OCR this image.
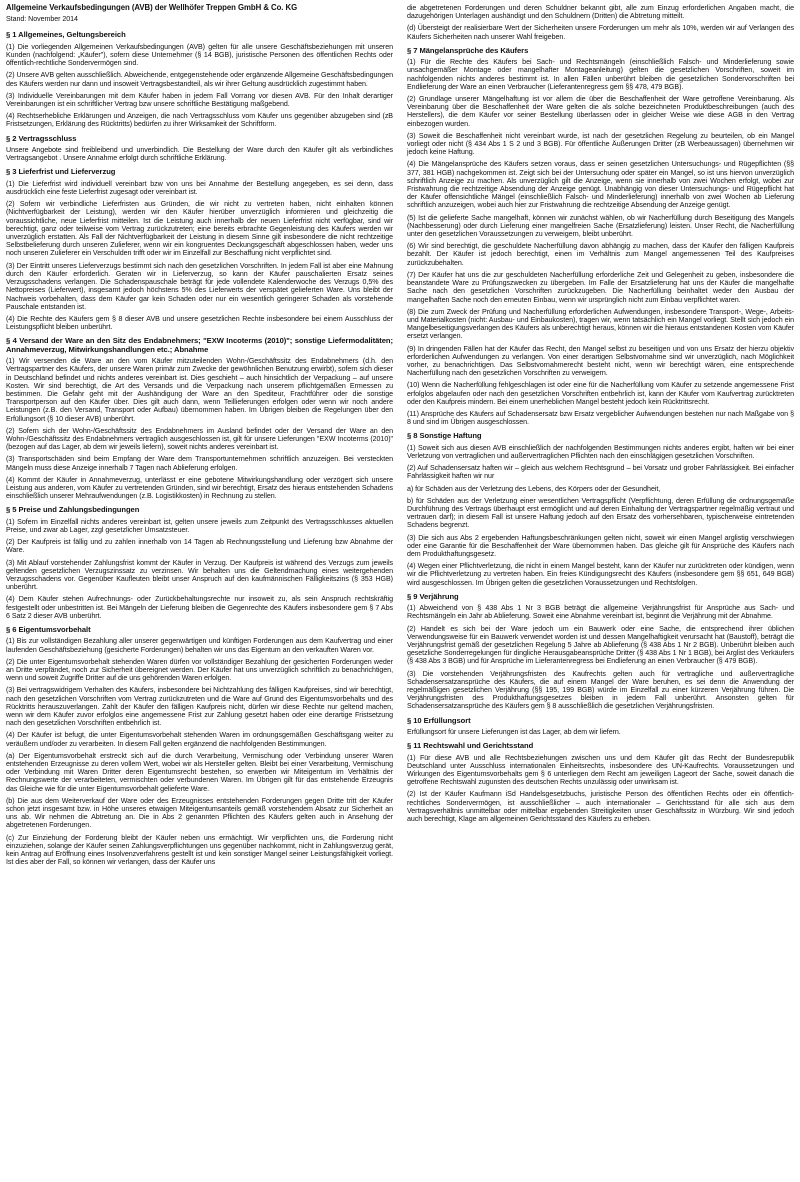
Allgemeine Verkaufsbedingungen (AVB) der Wellhöfer Treppen GmbH & Co. KG
Stand: November 2014
§ 1 Allgemeines, Geltungsbereich

(1) Die vorliegenden Allgemeinen Verkaufsbedingungen (AVB) gelten für alle unsere Geschäftsbeziehungen mit unseren Kunden (nachfolgend: „Käufer"), sofern diese Unternehmer (§ 14 BGB), juristische Personen des öffentlichen Rechts oder öffentlich-rechtliche Sondervermögen sind.

(2) Unsere AVB gelten ausschließlich. Abweichende, entgegenstehende oder ergänzende Allgemeine Geschäftsbedingungen des Käufers werden nur dann und insoweit Vertragsbestandteil, als wir ihrer Geltung ausdrücklich zugestimmt haben.

(3) Individuelle Vereinbarungen mit dem Käufer haben in jedem Fall Vorrang vor diesen AVB. Für den Inhalt derartiger Vereinbarungen ist ein schriftlicher Vertrag bzw unsere schriftliche Bestätigung maßgebend.

(4) Rechtserhebliche Erklärungen und Anzeigen, die nach Vertragsschluss vom Käufer uns gegenüber abzugeben sind (zB Fristsetzungen, Erklärung des Rücktritts) bedürfen zu ihrer Wirksamkeit der Schriftform.

§ 2 Vertragsschluss

Unsere Angebote sind freibleibend und unverbindlich. Die Bestellung der Ware durch den Käufer gilt als verbindliches Vertragsangebot . Unsere Annahme erfolgt durch schriftliche Erklärung.

§ 3 Lieferfrist und Lieferverzug

(1) Die Lieferfrist wird individuell vereinbart bzw von uns bei Annahme der Bestellung angegeben, es sei denn, dass ausdrücklich eine feste Lieferfrist zugesagt oder vereinbart ist.

(2) Sofern wir verbindliche Lieferfristen aus Gründen, die wir nicht zu vertreten haben, nicht einhalten können (Nichtverfügbarkeit der Leistung), werden wir den Käufer hierüber unverzüglich informieren und gleichzeitig die voraussichtliche, neue Lieferfrist mitteilen. Ist die Leistung auch innerhalb der neuen Lieferfrist nicht verfügbar, sind wir berechtigt, ganz oder teilweise vom Vertrag zurückzutreten; eine bereits erbrachte Gegenleistung des Käufers werden wir unverzüglich erstatten. Als Fall der Nichtverfügbarkeit der Leistung in diesem Sinne gilt insbesondere die nicht rechtzeitige Selbstbelieferung durch unseren Zulieferer, wenn wir ein kongruentes Deckungsgeschäft abgeschlossen haben, weder uns noch unseren Zulieferer ein Verschulden trifft oder wir im Einzelfall zur Beschaffung nicht verpflichtet sind.

(3) Der Eintritt unseres Lieferverzugs bestimmt sich nach den gesetzlichen Vorschriften. In jedem Fall ist aber eine Mahnung durch den Käufer erforderlich. Geraten wir in Lieferverzug, so kann der Käufer pauschalierten Ersatz seines Verzugsschadens verlangen. Die Schadenspauschale beträgt für jede vollendete Kalenderwoche des Verzugs 0,5% des Nettopreises (Lieferwert), insgesamt jedoch höchstens 5% des Lieferwerts der verspätet gelieferten Ware. Uns bleibt der Nachweis vorbehalten, dass dem Käufer gar kein Schaden oder nur ein wesentlich geringerer Schaden als vorstehende Pauschale entstanden ist.

(4) Die Rechte des Käufers gem § 8 dieser AVB und unsere gesetzlichen Rechte insbesondere bei einem Ausschluss der Leistungspflicht bleiben unberührt.

§ 4 Versand der Ware an den Sitz des Endabnehmers; "EXW Incoterms (2010)"; sonstige Liefermodalitäten; Annahmeverzug, Mitwirkungshandlungen etc.; Abnahme

(1) Wir versenden die Ware an den vom Käufer mitzuteilenden Wohn-/Geschäftssitz des Endabnehmers (d.h. den Vertragspartner des Käufers, der unsere Waren primär zum Zwecke der gewöhnlichen Benutzung erwirbt), sofern sich dieser in Deutschland befindet und nichts anderes vereinbart ist. Dies geschieht – auch hinsichtlich der Verpackung – auf unsere Kosten. Wir sind berechtigt, die Art des Versands und die Verpackung nach unserem pflichtgemäßen Ermessen zu bestimmen. Die Gefahr geht mit der Aushändigung der Ware an den Spediteur, Frachtführer oder die sonstige Transportperson auf den Käufer über. Dies gilt auch dann, wenn Teillieferungen erfolgen oder wenn wir noch andere Leistungen (z.B. den Versand, Transport oder Aufbau) übernommen haben. Im Übrigen bleiben die Regelungen über den Erfüllungsort (§ 10 dieser AVB) unberührt.

(2) Sofern sich der Wohn-/Geschäftssitz des Endabnehmers im Ausland befindet oder der Versand der Ware an den Wohn-/Geschäftssitz des Endabnehmers vertraglich ausgeschlossen ist, gilt für unsere Lieferungen "EXW Incoterms (2010)" (bezogen auf das Lager, ab dem wir jeweils liefern), soweit nichts anderes vereinbart ist.

(3) Transportschäden sind beim Empfang der Ware dem Transportunternehmen schriftlich anzuzeigen. Bei versteckten Mängeln muss diese Anzeige innerhalb 7 Tagen nach Ablieferung erfolgen.

(4) Kommt der Käufer in Annahmeverzug, unterlässt er eine gebotene Mitwirkungshandlung oder verzögert sich unsere Leistung aus anderen, vom Käufer zu vertretenden Gründen, sind wir berechtigt, Ersatz des hieraus entstehenden Schadens einschließlich unserer Mehraufwendungen (z.B. Logistikkosten) in Rechnung zu stellen.

§ 5 Preise und Zahlungsbedingungen

(1) Sofern im Einzelfall nichts anderes vereinbart ist, gelten unsere jeweils zum Zeitpunkt des Vertragsschlusses aktuellen Preise, und zwar ab Lager, zzgl gesetzlicher Umsatzsteuer.

(2) Der Kaufpreis ist fällig und zu zahlen innerhalb von 14 Tagen ab Rechnungsstellung und Lieferung bzw Abnahme der Ware.

(3) Mit Ablauf vorstehender Zahlungsfrist kommt der Käufer in Verzug. Der Kaufpreis ist während des Verzugs zum jeweils geltenden gesetzlichen Verzugszinssatz zu verzinsen. Wir behalten uns die Geltendmachung eines weitergehenden Verzugsschadens vor. Gegenüber Kaufleuten bleibt unser Anspruch auf den kaufmännischen Fälligkeitszins (§ 353 HGB) unberührt.

(4) Dem Käufer stehen Aufrechnungs- oder Zurückbehaltungsrechte nur insoweit zu, als sein Anspruch rechtskräftig festgestellt oder unbestritten ist. Bei Mängeln der Lieferung bleiben die Gegenrechte des Käufers insbesondere gem § 7 Abs 6 Satz 2 dieser AVB unberührt.

§ 6 Eigentumsvorbehalt

(1) Bis zur vollständigen Bezahlung aller unserer gegenwärtigen und künftigen Forderungen aus dem Kaufvertrag und einer laufenden Geschäftsbeziehung (gesicherte Forderungen) behalten wir uns das Eigentum an den verkauften Waren vor.

(2) Die unter Eigentumsvorbehalt stehenden Waren dürfen vor vollständiger Bezahlung der gesicherten Forderungen weder an Dritte verpfändet, noch zur Sicherheit übereignet werden. Der Käufer hat uns unverzüglich schriftlich zu benachrichtigen, wenn und soweit Zugriffe Dritter auf die uns gehörenden Waren erfolgen.

(3) Bei vertragswidrigem Verhalten des Käufers, insbesondere bei Nichtzahlung des fälligen Kaufpreises, sind wir berechtigt, nach den gesetzlichen Vorschriften vom Vertrag zurückzutreten und die Ware auf Grund des Eigentumsvorbehalts und des Rücktritts herauszuverlangen. Zahlt der Käufer den fälligen Kaufpreis nicht, dürfen wir diese Rechte nur geltend machen, wenn wir dem Käufer zuvor erfolglos eine angemessene Frist zur Zahlung gesetzt haben oder eine derartige Fristsetzung nach den gesetzlichen Vorschriften entbehrlich ist.

(4) Der Käufer ist befugt, die unter Eigentumsvorbehalt stehenden Waren im ordnungsgemäßen Geschäftsgang weiter zu veräußern und/oder zu verarbeiten. In diesem Fall gelten ergänzend die nachfolgenden Bestimmungen.

(a) Der Eigentumsvorbehalt erstreckt sich auf die durch Verarbeitung, Vermischung oder Verbindung unserer Waren entstehenden Erzeugnisse zu deren vollem Wert, wobei wir als Hersteller gelten. Bleibt bei einer Verarbeitung, Vermischung oder Verbindung mit Waren Dritter deren Eigentumsrecht bestehen, so erwerben wir Miteigentum im Verhältnis der Rechnungswerte der verarbeiteten, vermischten oder verbundenen Waren. Im Übrigen gilt für das entstehende Erzeugnis das Gleiche wie für die unter Eigentumsvorbehalt gelieferte Ware.

(b) Die aus dem Weiterverkauf der Ware oder des Erzeugnisses entstehenden Forderungen gegen Dritte tritt der Käufer schon jetzt insgesamt bzw. in Höhe unseres etwaigen Miteigentumsanteils gemäß vorstehendem Absatz zur Sicherheit an uns ab. Wir nehmen die Abtretung an. Die in Abs 2 genannten Pflichten des Käufers gelten auch in Ansehung der abgetretenen Forderungen.

(c) Zur Einziehung der Forderung bleibt der Käufer neben uns ermächtigt. Wir verpflichten uns, die Forderung nicht einzuziehen, solange der Käufer seinen Zahlungsverpflichtungen uns gegenüber nachkommt, nicht in Zahlungsverzug gerät, kein Antrag auf Eröffnung eines Insolvenzverfahrens gestellt ist und kein sonstiger Mangel seiner Leistungsfähigkeit vorliegt. Ist dies aber der Fall, so können wir verlangen, dass der Käufer uns

die abgetretenen Forderungen und deren Schuldner bekannt gibt, alle zum Einzug erforderlichen Angaben macht, die dazugehörigen Unterlagen aushändigt und den Schuldnern (Dritten) die Abtretung mitteilt.

(d) Übersteigt der realisierbare Wert der Sicherheiten unsere Forderungen um mehr als 10%, werden wir auf Verlangen des Käufers Sicherheiten nach unserer Wahl freigeben.

§ 7 Mängelansprüche des Käufers

(1) Für die Rechte des Käufers bei Sach- und Rechtsmängeln (einschließlich Falsch- und Minderlieferung sowie unsachgemäßer Montage oder mangelhafter Montageanleitung) gelten die gesetzlichen Vorschriften, soweit im nachfolgenden nichts anderes bestimmt ist. In allen Fällen unberührt bleiben die gesetzlichen Sondervorschriften bei Endlieferung der Ware an einen Verbraucher (Lieferantenregress gem §§ 478, 479 BGB).

(2) Grundlage unserer Mängelhaftung ist vor allem die über die Beschaffenheit der Ware getroffene Vereinbarung. Als Vereinbarung über die Beschaffenheit der Ware gelten die als solche bezeichneten Produktbeschreibungen (auch des Herstellers), die dem Käufer vor seiner Bestellung überlassen oder in gleicher Weise wie diese AGB in den Vertrag einbezogen wurden.

(3) Soweit die Beschaffenheit nicht vereinbart wurde, ist nach der gesetzlichen Regelung zu beurteilen, ob ein Mangel vorliegt oder nicht (§ 434 Abs 1 S 2 und 3 BGB). Für öffentliche Äußerungen Dritter (zB Werbeaussagen) übernehmen wir jedoch keine Haftung.

(4) Die Mängelansprüche des Käufers setzen voraus, dass er seinen gesetzlichen Untersuchungs- und Rügepflichten (§§ 377, 381 HGB) nachgekommen ist. Zeigt sich bei der Untersuchung oder später ein Mangel, so ist uns hiervon unverzüglich schriftlich Anzeige zu machen. Als unverzüglich gilt die Anzeige, wenn sie innerhalb von zwei Wochen erfolgt, wobei zur Fristwahrung die rechtzeitige Absendung der Anzeige genügt. Unabhängig von dieser Untersuchungs- und Rügepflicht hat der Käufer offensichtliche Mängel (einschließlich Falsch- und Minderlieferung) innerhalb von zwei Wochen ab Lieferung schriftlich anzuzeigen, wobei auch hier zur Fristwahrung die rechtzeitige Absendung der Anzeige genügt.

(5) Ist die gelieferte Sache mangelhaft, können wir zunächst wählen, ob wir Nacherfüllung durch Beseitigung des Mangels (Nachbesserung) oder durch Lieferung einer mangelfreien Sache (Ersatzlieferung) leisten. Unser Recht, die Nacherfüllung unter den gesetzlichen Voraussetzungen zu verweigern, bleibt unberührt.

(6) Wir sind berechtigt, die geschuldete Nacherfüllung davon abhängig zu machen, dass der Käufer den fälligen Kaufpreis bezahlt. Der Käufer ist jedoch berechtigt, einen im Verhältnis zum Mangel angemessenen Teil des Kaufpreises zurückzubehalten.

(7) Der Käufer hat uns die zur geschuldeten Nacherfüllung erforderliche Zeit und Gelegenheit zu geben, insbesondere die beanstandete Ware zu Prüfungszwecken zu übergeben. Im Falle der Ersatzlieferung hat uns der Käufer die mangelhafte Sache nach den gesetzlichen Vorschriften zurückzugeben. Die Nacherfüllung beinhaltet weder den Ausbau der mangelhaften Sache noch den erneuten Einbau, wenn wir ursprünglich nicht zum Einbau verpflichtet waren.

(8) Die zum Zweck der Prüfung und Nacherfüllung erforderlichen Aufwendungen, insbesondere Transport-, Wege-, Arbeits- und Materialkosten (nicht: Ausbau- und Einbaukosten), tragen wir, wenn tatsächlich ein Mangel vorliegt. Stellt sich jedoch ein Mangelbeseitigungsverlangen des Käufers als unberechtigt heraus, können wir die hieraus entstandenen Kosten vom Käufer ersetzt verlangen.

(9) In dringenden Fällen hat der Käufer das Recht, den Mangel selbst zu beseitigen und von uns Ersatz der hierzu objektiv erforderlichen Aufwendungen zu verlangen. Von einer derartigen Selbstvornahme sind wir unverzüglich, nach Möglichkeit vorher, zu benachrichtigen. Das Selbstvornahmerecht besteht nicht, wenn wir berechtigt wären, eine entsprechende Nacherfüllung nach den gesetzlichen Vorschriften zu verweigern.

(10) Wenn die Nacherfüllung fehlgeschlagen ist oder eine für die Nacherfüllung vom Käufer zu setzende angemessene Frist erfolglos abgelaufen oder nach den gesetzlichen Vorschriften entbehrlich ist, kann der Käufer vom Kaufvertrag zurücktreten oder den Kaufpreis mindern. Bei einem unerheblichen Mangel besteht jedoch kein Rücktrittsrecht.

(11) Ansprüche des Käufers auf Schadensersatz bzw Ersatz vergeblicher Aufwendungen bestehen nur nach Maßgabe von § 8 und sind im Übrigen ausgeschlossen.

§ 8 Sonstige Haftung

(1) Soweit sich aus diesen AVB einschließlich der nachfolgenden Bestimmungen nichts anderes ergibt, haften wir bei einer Verletzung von vertraglichen und außervertraglichen Pflichten nach den einschlägigen gesetzlichen Vorschriften.

(2) Auf Schadensersatz haften wir – gleich aus welchem Rechtsgrund – bei Vorsatz und grober Fahrlässigkeit. Bei einfacher Fahrlässigkeit haften wir nur

a) für Schäden aus der Verletzung des Lebens, des Körpers oder der Gesundheit,

b) für Schäden aus der Verletzung einer wesentlichen Vertragspflicht (Verpflichtung, deren Erfüllung die ordnungsgemäße Durchführung des Vertrags überhaupt erst ermöglicht und auf deren Einhaltung der Vertragspartner regelmäßig vertraut und vertrauen darf); in diesem Fall ist unsere Haftung jedoch auf den Ersatz des vorhersehbaren, typischerweise eintretenden Schadens begrenzt.

(3) Die sich aus Abs 2 ergebenden Haftungsbeschränkungen gelten nicht, soweit wir einen Mangel arglistig verschwiegen oder eine Garantie für die Beschaffenheit der Ware übernommen haben. Das gleiche gilt für Ansprüche des Käufers nach dem Produkthaftungsgesetz.

(4) Wegen einer Pflichtverletzung, die nicht in einem Mangel besteht, kann der Käufer nur zurücktreten oder kündigen, wenn wir die Pflichtverletzung zu vertreten haben. Ein freies Kündigungsrecht des Käufers (insbesondere gem §§ 651, 649 BGB) wird ausgeschlossen. Im Übrigen gelten die gesetzlichen Voraussetzungen und Rechtsfolgen.

§ 9 Verjährung

(1) Abweichend von § 438 Abs 1 Nr 3 BGB beträgt die allgemeine Verjährungsfrist für Ansprüche aus Sach- und Rechtsmängeln ein Jahr ab Ablieferung. Soweit eine Abnahme vereinbart ist, beginnt die Verjährung mit der Abnahme.

(2) Handelt es sich bei der Ware jedoch um ein Bauwerk oder eine Sache, die entsprechend ihrer üblichen Verwendungsweise für ein Bauwerk verwendet worden ist und dessen Mangelhaftigkeit verursacht hat (Baustoff), beträgt die Verjährungsfrist gemäß der gesetzlichen Regelung 5 Jahre ab Ablieferung (§ 438 Abs 1 Nr 2 BGB). Unberührt bleiben auch gesetzliche Sonderregelungen für dingliche Herausgabeansprüche Dritter (§ 438 Abs 1 Nr 1 BGB), bei Arglist des Verkäufers (§ 438 Abs 3 BGB) und für Ansprüche im Lieferantenregress bei Endlieferung an einen Verbraucher (§ 479 BGB).

(3) Die vorstehenden Verjährungsfristen des Kaufrechts gelten auch für vertragliche und außervertragliche Schadensersatzansprüche des Käufers, die auf einem Mangel der Ware beruhen, es sei denn die Anwendung der regelmäßigen gesetzlichen Verjährung (§§ 195, 199 BGB) würde im Einzelfall zu einer kürzeren Verjährung führen. Die Verjährungsfristen des Produkthaftungsgesetzes bleiben in jedem Fall unberührt. Ansonsten gelten für Schadensersatzansprüche des Käufers gem § 8 ausschließlich die gesetzlichen Verjährungsfristen.

§ 10 Erfüllungsort

Erfüllungsort für unsere Lieferungen ist das Lager, ab dem wir liefern.

§ 11 Rechtswahl und Gerichtsstand

(1) Für diese AVB und alle Rechtsbeziehungen zwischen uns und dem Käufer gilt das Recht der Bundesrepublik Deutschland unter Ausschluss internationalen Einheitsrechts, insbesondere des UN-Kaufrechts. Voraussetzungen und Wirkungen des Eigentumsvorbehalts gem § 6 unterliegen dem Recht am jeweiligen Lageort der Sache, soweit danach die getroffene Rechtswahl zugunsten des deutschen Rechts unzulässig oder unwirksam ist.

(2) Ist der Käufer Kaufmann iSd Handelsgesetzbuchs, juristische Person des öffentlichen Rechts oder ein öffentlich-rechtliches Sondervermögen, ist ausschließlicher – auch internationaler – Gerichtsstand für alle sich aus dem Vertragsverhältnis unmittelbar oder mittelbar ergebenden Streitigkeiten unser Geschäftssitz in Würzburg. Wir sind jedoch auch berechtigt, Klage am allgemeinen Gerichtsstand des Käufers zu erheben.
